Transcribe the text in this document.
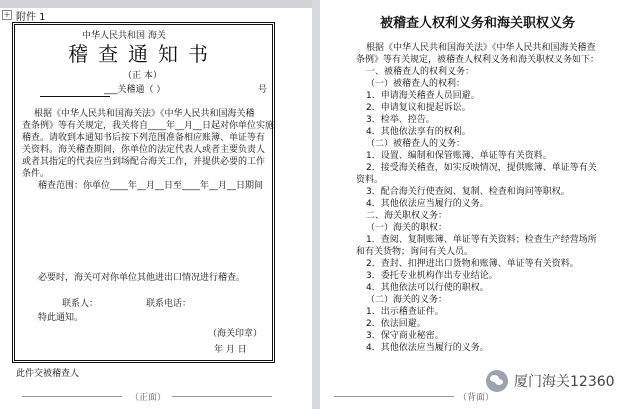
+ 附件 1
中华人民共和国 海关
稽查通知书
（正 本）
___关稽通（ ）	号
根据《中华人民共和国海关法》《中华人民共和国海关稽
查条例》等有关规定，我关将自____年__月__日起对你单位实施
稽查。请收到本通知书后按下列范围准备相应账簿、单证等有
关资料。海关稽查期间，你单位的法定代表人或者主要负责人
或者其指定的代表应当到场配合海关工作，并提供必要的工作
条件。
稽查范围：你单位____年__月__日至____年__月__日期间
必要时，海关可对你单位其他进出口情况进行稽查。
联系人：	联系电话：
特此通知。
（海关印章）
年 月 日
此件交被稽查人
（正面）
被稽查人权利义务和海关职权义务
根据《中华人民共和国海关法》《中华人民共和国海关稽查
条例》等有关规定，被稽查人权利义务和海关职权义务如下：
一、被稽查人的权利义务：
（一）被稽查人的权利：
1．申请海关稽查人员回避。
2．申请复议和提起诉讼。
3．检举、控告。
4．其他依法享有的权利。
（二）被稽查人的义务：
1．设置、编制和保管账簿、单证等有关资料。
2．接受海关稽查，如实反映情况，提供账簿、单证等有关
资料。
3．配合海关行使查阅、复制、检查和询问等职权。
4．其他依法应当履行的义务。
二、海关职权义务：
（一）海关的职权：
1．查阅、复制账簿、单证等有关资料；检查生产经营场所
和有关货物；询问有关人员。
2．查封、扣押进出口货物和账簿、单证等有关资料。
3．委托专业机构作出专业结论。
4．其他依法可以行使的职权。
（二）海关的义务：
1．出示稽查证件。
2．依法回避。
3．保守商业秘密。
4．其他依法应当履行的义务。
（背面）
厦门海关12360
